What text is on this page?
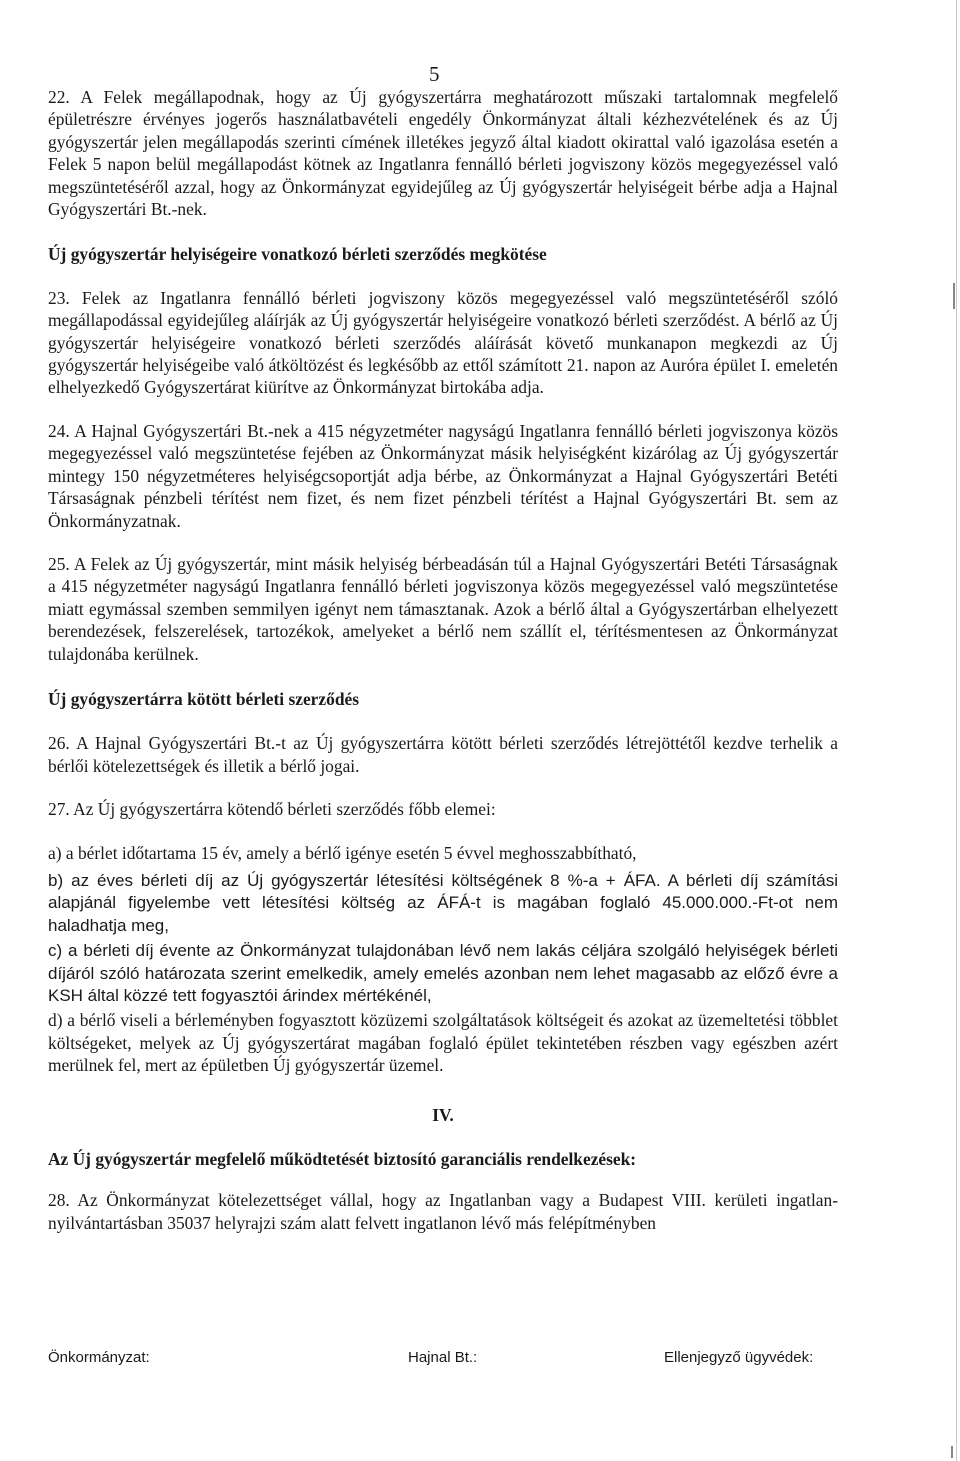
5

22. A Felek megállapodnak, hogy az Új gyógyszertárra meghatározott műszaki tartalomnak megfelelő épületrészre érvényes jogerős használatbavételi engedély Önkormányzat általi kézhezvételének és az Új gyógyszertár jelen megállapodás szerinti címének illetékes jegyző által kiadott okirattal való igazolása esetén a Felek 5 napon belül megállapodást kötnek az Ingatlanra fennálló bérleti jogviszony közös megegyezéssel való megszüntetéséről azzal, hogy az Önkormányzat egyidejűleg az Új gyógyszertár helyiségeit bérbe adja a Hajnal Gyógyszertári Bt.-nek.

Új gyógyszertár helyiségeire vonatkozó bérleti szerződés megkötése

23. Felek az Ingatlanra fennálló bérleti jogviszony közös megegyezéssel való megszüntetéséről szóló megállapodással egyidejűleg aláírják az Új gyógyszertár helyiségeire vonatkozó bérleti szerződést. A bérlő az Új gyógyszertár helyiségeire vonatkozó bérleti szerződés aláírását követő munkanapon megkezdi az Új gyógyszertár helyiségeibe való átköltözést és legkésőbb az ettől számított 21. napon az Auróra épület I. emeletén elhelyezkedő Gyógyszertárat kiürítve az Önkormányzat birtokába adja.

24. A Hajnal Gyógyszertári Bt.-nek a 415 négyzetméter nagyságú Ingatlanra fennálló bérleti jogviszonya közös megegyezéssel való megszüntetése fejében az Önkormányzat másik helyiségként kizárólag az Új gyógyszertár mintegy 150 négyzetméteres helyiségcsoportját adja bérbe, az Önkormányzat a Hajnal Gyógyszertári Betéti Társaságnak pénzbeli térítést nem fizet, és nem fizet pénzbeli térítést a Hajnal Gyógyszertári Bt. sem az Önkormányzatnak.

25. A Felek az Új gyógyszertár, mint másik helyiség bérbeadásán túl a Hajnal Gyógyszertári Betéti Társaságnak a 415 négyzetméter nagyságú Ingatlanra fennálló bérleti jogviszonya közös megegyezéssel való megszüntetése miatt egymással szemben semmilyen igényt nem támasztanak. Azok a bérlő által a Gyógyszertárban elhelyezett berendezések, felszerelések, tartozékok, amelyeket a bérlő nem szállít el, térítésmentesen az Önkormányzat tulajdonába kerülnek.

Új gyógyszertárra kötött bérleti szerződés

26. A Hajnal Gyógyszertári Bt.-t az Új gyógyszertárra kötött bérleti szerződés létrejöttétől kezdve terhelik a bérlői kötelezettségek és illetik a bérlő jogai.

27. Az Új gyógyszertárra kötendő bérleti szerződés főbb elemei:

a) a bérlet időtartama 15 év, amely a bérlő igénye esetén 5 évvel meghosszabbítható,

b) az éves bérleti díj az Új gyógyszertár létesítési költségének 8 %-a + ÁFA. A bérleti díj számítási alapjánál figyelembe vett létesítési költség az ÁFÁ-t is magában foglaló 45.000.000.-Ft-ot nem haladhatja meg,

c) a bérleti díj évente az Önkormányzat tulajdonában lévő nem lakás céljára szolgáló helyiségek bérleti díjáról szóló határozata szerint emelkedik, amely emelés azonban nem lehet magasabb az előző évre a KSH által közzé tett fogyasztói árindex mértékénél,

d) a bérlő viseli a bérleményben fogyasztott közüzemi szolgáltatások költségeit és azokat az üzemeltetési többlet költségeket, melyek az Új gyógyszertárat magában foglaló épület tekintetében részben vagy egészben azért merülnek fel, mert az épületben Új gyógyszertár üzemel.

IV.

Az Új gyógyszertár megfelelő működtetését biztosító garanciális rendelkezések:

28. Az Önkormányzat kötelezettséget vállal, hogy az Ingatlanban vagy a Budapest VIII. kerületi ingatlan-nyilvántartásban 35037 helyrajzi szám alatt felvett ingatlanon lévő más felépítményben

Önkormányzat:	Hajnal Bt.:	Ellenjegyző ügyvédek:
